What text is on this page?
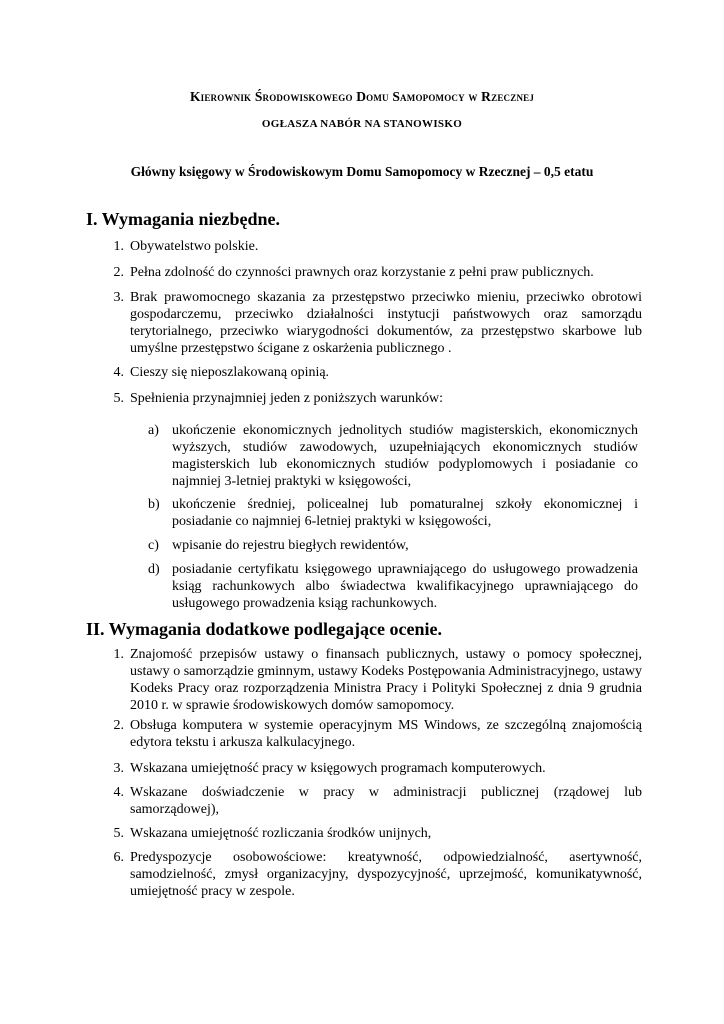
Kierownik Środowiskowego Domu Samopomocy w Rzecznej
OGŁASZA NABÓR NA STANOWISKO
Główny księgowy w Środowiskowym Domu Samopomocy w Rzecznej – 0,5 etatu
I. Wymagania niezbędne.
1. Obywatelstwo polskie.
2. Pełna zdolność do czynności prawnych oraz korzystanie z pełni praw publicznych.
3. Brak prawomocnego skazania za przestępstwo przeciwko mieniu, przeciwko obrotowi gospodarczemu, przeciwko działalności instytucji państwowych oraz samorządu terytorialnego, przeciwko wiarygodności dokumentów, za przestępstwo skarbowe lub umyślne przestępstwo ścigane z oskarżenia publicznego .
4. Cieszy się nieposzlakowaną opinią.
5. Spełnienia przynajmniej jeden z poniższych warunków:
a) ukończenie ekonomicznych jednolitych studiów magisterskich, ekonomicznych wyższych, studiów zawodowych, uzupełniających ekonomicznych studiów magisterskich lub ekonomicznych studiów podyplomowych i posiadanie co najmniej 3-letniej praktyki w księgowości,
b) ukończenie średniej, policealnej lub pomaturalnej szkoły ekonomicznej i posiadanie co najmniej 6-letniej praktyki w księgowości,
c) wpisanie do rejestru biegłych rewidentów,
d) posiadanie certyfikatu księgowego uprawniającego do usługowego prowadzenia ksiąg rachunkowych albo świadectwa kwalifikacyjnego uprawniającego do usługowego prowadzenia ksiąg rachunkowych.
II. Wymagania dodatkowe podlegające ocenie.
1. Znajomość przepisów ustawy o finansach publicznych, ustawy o pomocy społecznej, ustawy o samorządzie gminnym, ustawy Kodeks Postępowania Administracyjnego, ustawy Kodeks Pracy oraz rozporządzenia Ministra Pracy i Polityki Społecznej z dnia 9 grudnia 2010 r. w sprawie środowiskowych domów samopomocy.
2. Obsługa komputera w systemie operacyjnym MS Windows, ze szczególną znajomością edytora tekstu i arkusza kalkulacyjnego.
3. Wskazana umiejętność pracy w księgowych programach komputerowych.
4. Wskazane doświadczenie w pracy w administracji publicznej (rządowej lub samorządowej),
5. Wskazana umiejętność rozliczania środków unijnych,
6. Predyspozycje osobowościowe: kreatywność, odpowiedzialność, asertywność, samodzielność, zmysł organizacyjny, dyspozycyjność, uprzejmość, komunikatywność, umiejętność pracy w zespole.
